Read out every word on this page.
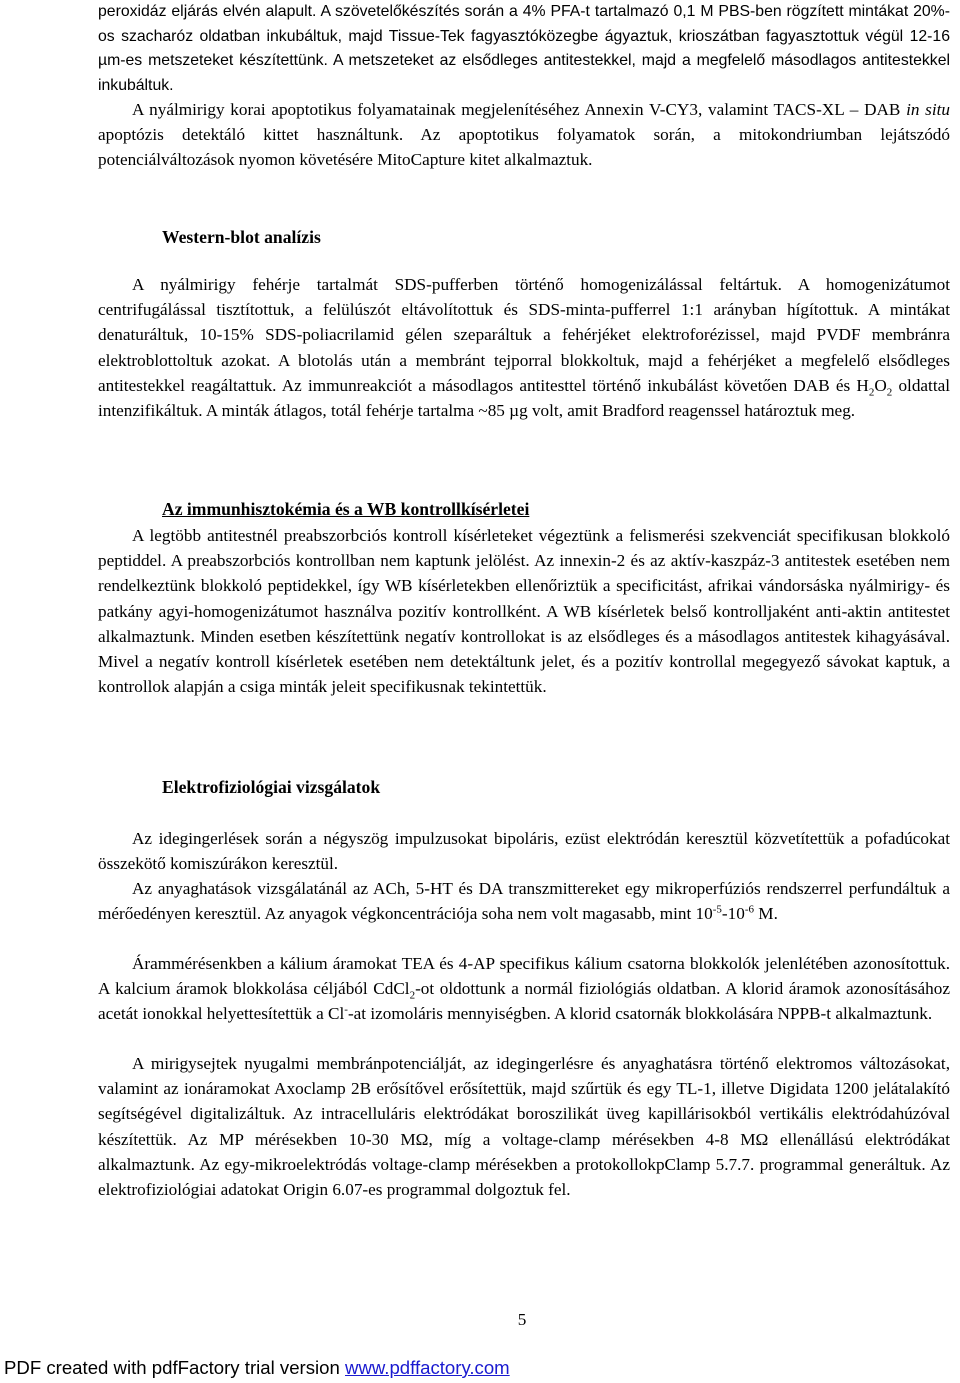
peroxidáz eljárás elvén alapult. A szövetelőkészítés során a 4% PFA-t tartalmazó 0,1 M PBS-ben rögzített mintákat 20%-os szacharóz oldatban inkubáltuk, majd Tissue-Tek fagyasztóközegbe ágyaztuk, krioszátban fagyasztottuk végül 12-16 µm-es metszeteket készítettünk. A metszeteket az elsődleges antitestekkel, majd a megfelelő másodlagos antitestekkel inkubáltuk.

A nyálmirigy korai apoptotikus folyamatainak megjelenítéséhez Annexin V-CY3, valamint TACS-XL – DAB in situ apoptózis detektáló kittet használtunk. Az apoptotikus folyamatok során, a mitokondriumban lejátszódó potenciálváltozások nyomon követésére MitoCapture kitet alkalmaztuk.

Western-blot analízis

A nyálmirigy fehérje tartalmát SDS-pufferben történő homogenizálással feltártuk. A homogenizátumot centrifugálással tisztítottuk, a felülúszót eltávolítottuk és SDS-minta-pufferrel 1:1 arányban hígítottuk. A mintákat denaturáltuk, 10-15% SDS-poliacrilamid gélen szeparáltuk a fehérjéket elektroforézissel, majd PVDF membránra elektroblottoltuk azokat. A blotolás után a membránt tejporral blokkoltuk, majd a fehérjéket a megfelelő elsődleges antitestekkel reagáltattuk. Az immunreakciót a másodlagos antitesttel történő inkubálást követően DAB és $H_2O_2$ oldattal intenzifikáltuk. A minták átlagos, totál fehérje tartalma ~85 µg volt, amit Bradford reagenssel határoztuk meg.

Az immunhisztokémia és a WB kontrollkísérletei

A legtöbb antitestnél preabszorbciós kontroll kísérleteket végeztünk a felismerési szekvenciát specifikusan blokkoló peptiddel. A preabszorbciós kontrollban nem kaptunk jelölést. Az innexin-2 és az aktív-kaszpáz-3 antitestek esetében nem rendelkeztünk blokkoló peptidekkel, így WB kísérletekben ellenőriztük a specificitást, afrikai vándorsáska nyálmirigy- és patkány agyi-homogenizátumot használva pozitív kontrollként. A WB kísérletek belső kontrolljaként anti-aktin antitestet alkalmaztunk. Minden esetben készítettünk negatív kontrollokat is az elsődleges és a másodlagos antitestek kihagyásával. Mivel a negatív kontroll kísérletek esetében nem detektáltunk jelet, és a pozitív kontrollal megegyező sávokat kaptuk, a kontrollok alapján a csiga minták jeleit specifikusnak tekintettük.

Elektrofiziológiai vizsgálatok

Az idegingerlések során a négyszög impulzusokat bipoláris, ezüst elektródán keresztül közvetítettük a pofadúcokat összekötő komiszúrákon keresztül.

Az anyaghatások vizsgálatánál az ACh, 5-HT és DA transzmittereket egy mikroperfúziós rendszerrel perfundáltuk a mérőedényen keresztül. Az anyagok végkoncentrációja soha nem volt magasabb, mint $10^{-5}-10^{-6}$ M.

Árammérésenkben a kálium áramokat TEA és 4-AP specifikus kálium csatorna blokkolók jelenlétében azonosítottuk. A kalcium áramok blokkolása céljából CdCl$_2$-ot oldottunk a normál fiziológiás oldatban. A klorid áramok azonosításához acetát ionokkal helyettesítettük a Cl--at izomoláris mennyiségben. A klorid csatornák blokkolására NPPB-t alkalmaztunk.

A mirigysejtek nyugalmi membránpotenciálját, az idegingerlésre és anyaghatásra történő elektromos változásokat, valamint az ionáramokat Axoclamp 2B erősítővel erősítettük, majd szűrtük és egy TL-1, illetve Digidata 1200 jelátalakító segítségével digitalizáltuk. Az intracelluláris elektródákat boroszilikát üveg kapillárisokból vertikális elektródahúzóval készítettük. Az MP mérésekben 10-30 MΩ, míg a voltage-clamp mérésekben 4-8 MΩ ellenállású elektródákat alkalmaztunk. Az egy-mikroelektródás voltage-clamp mérésekben a protokollokpClamp 5.7.7. programmal generáltuk. Az elektrofiziológiai adatokat Origin 6.07-es programmal dolgoztuk fel.

5
PDF created with pdfFactory trial version www.pdffactory.com
